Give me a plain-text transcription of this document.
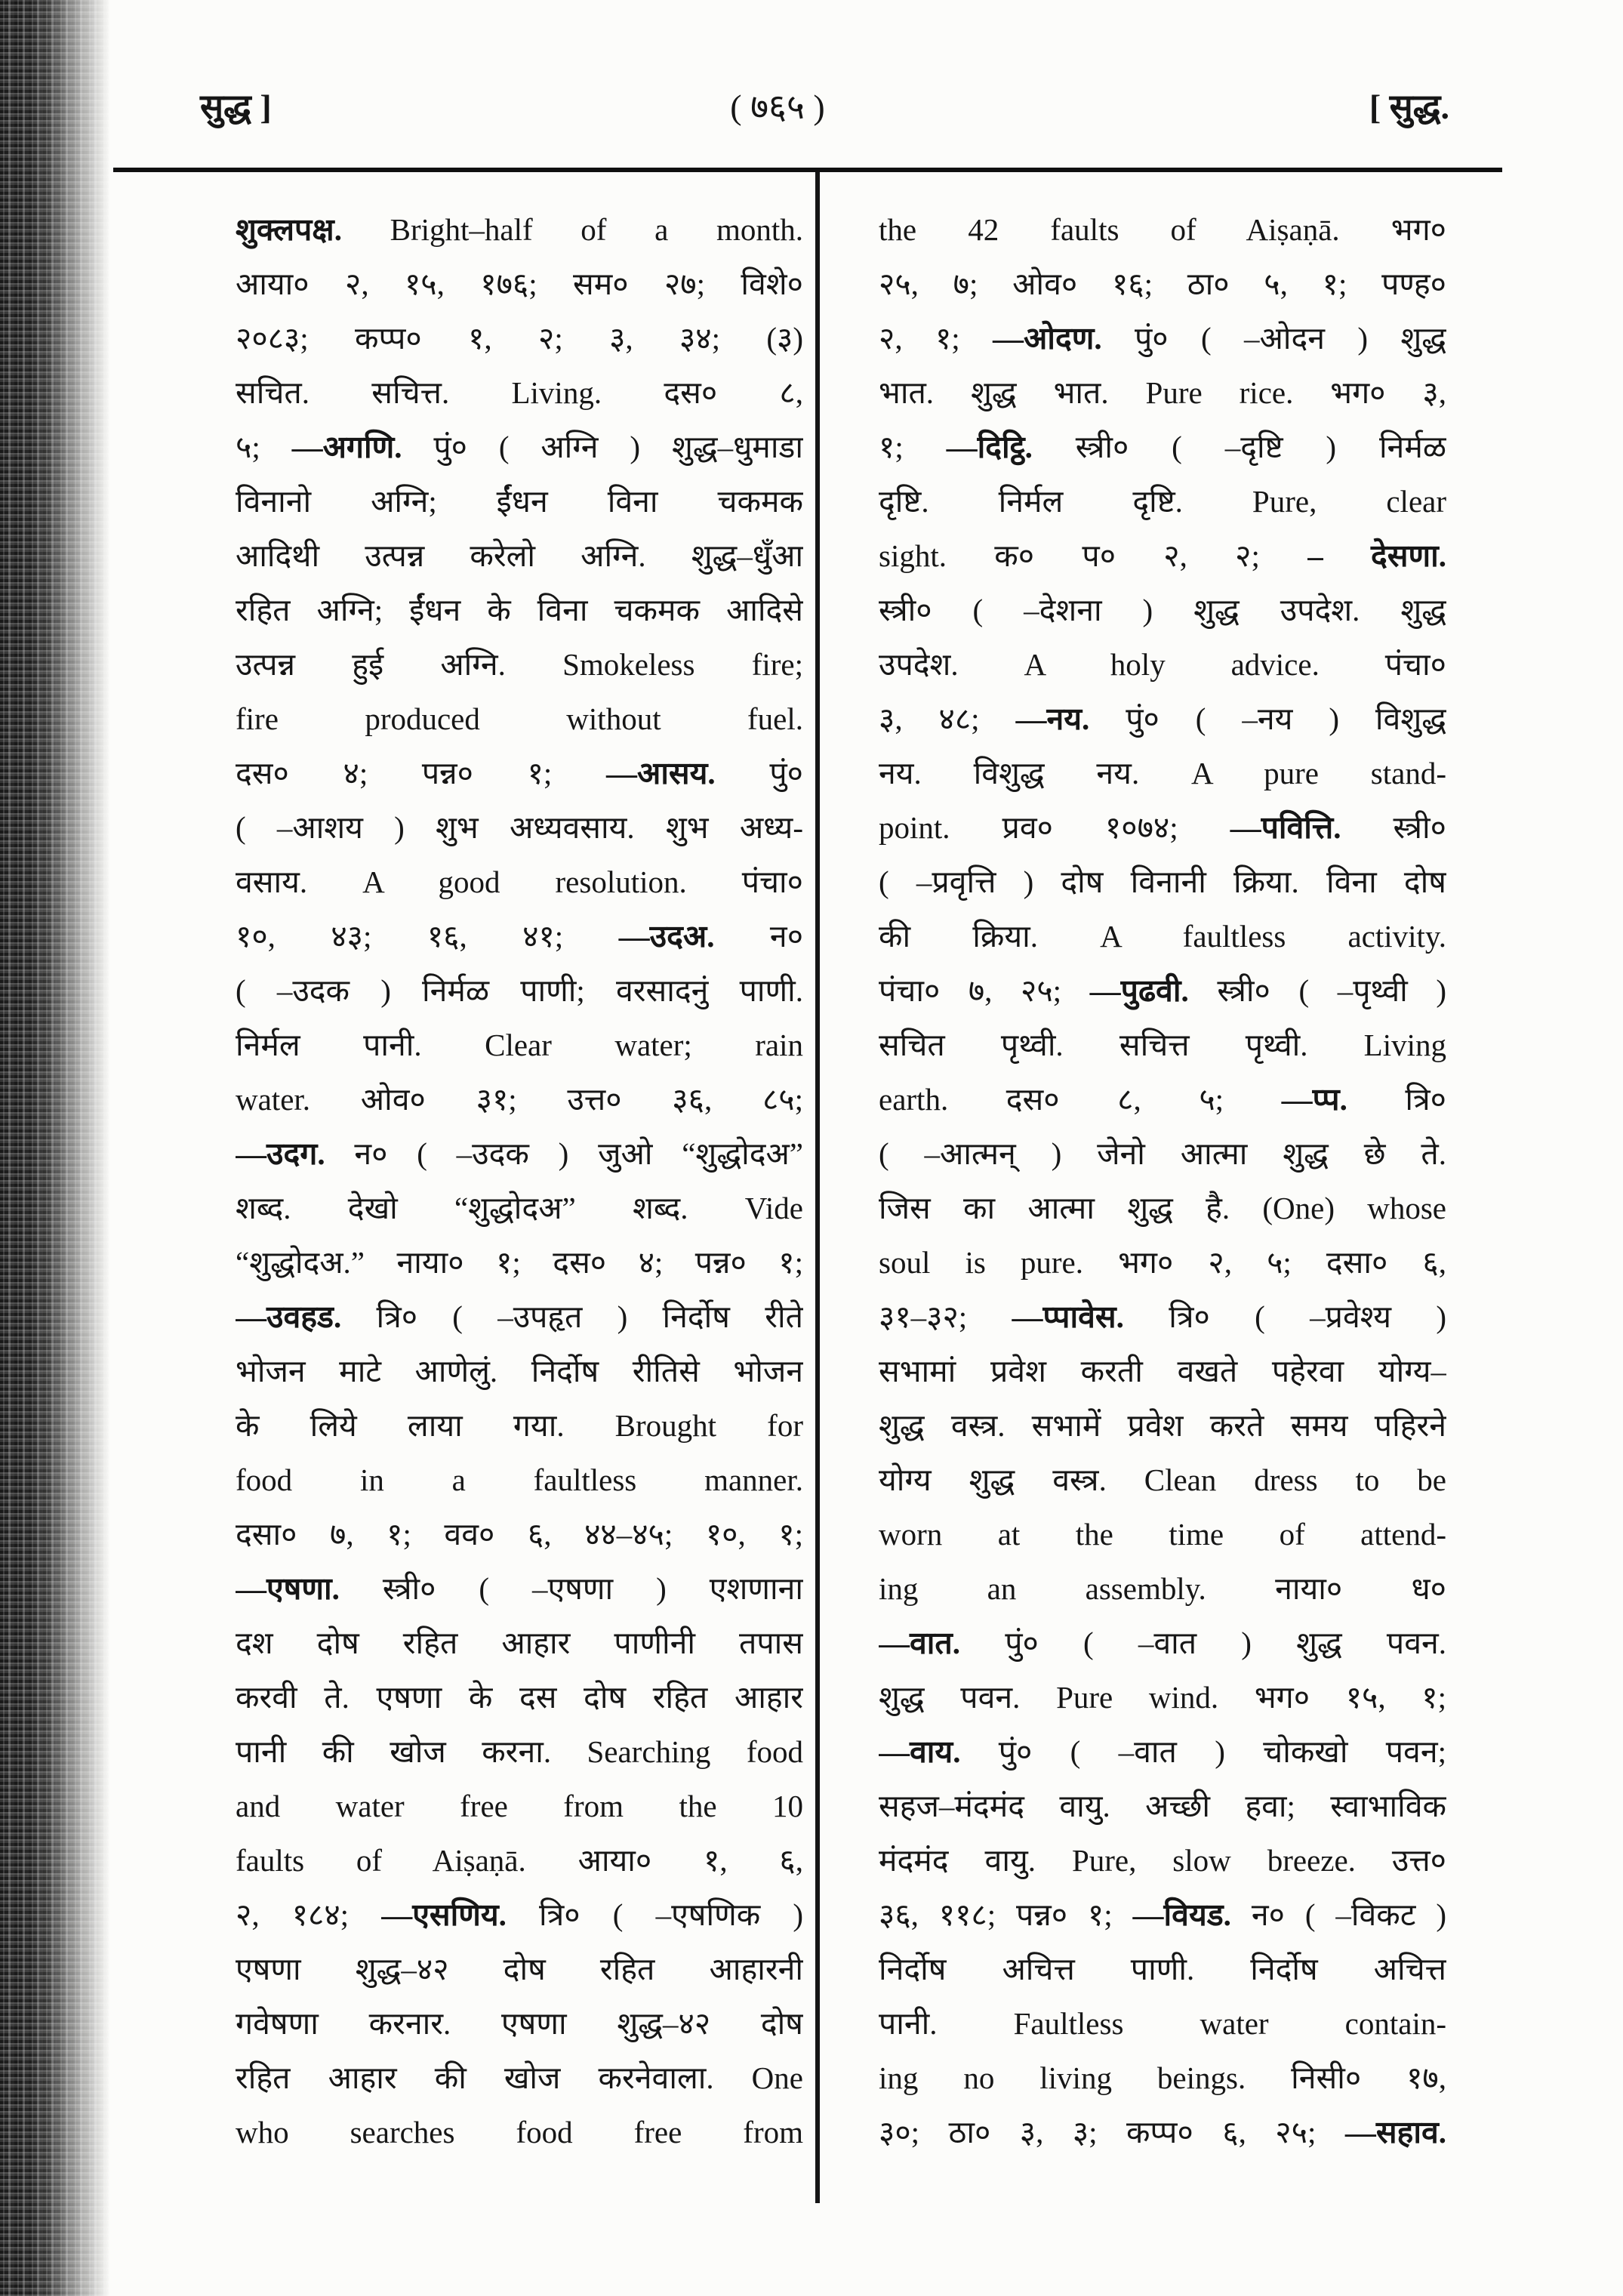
सुद्ध ]	( ७६५ )	[ सुद्ध.
शुक्लपक्ष. Bright–half of a month.
आया० २, १५, १७६; सम० २७; विशे०
२०८३; कप्प० १, २; ३, ३४; (३)
सचित. सचित्त. Living. दस० ८,
५; —अगणि. पुं० ( अग्नि ) शुद्ध–धुमाडा
विनानो अग्नि; ईंधन विना चकमक
आदिथी उत्पन्न करेलो अग्नि. शुद्ध–धुँआ
रहित अग्नि; ईंधन के विना चकमक आदिसे
उत्पन्न हुई अग्नि. Smokeless fire;
fire produced without fuel.
दस० ४; पन्न० १; —आसय. पुं०
( –आशय ) शुभ अध्यवसाय. शुभ अध्य-
वसाय. A good resolution. पंचा०
१०, ४३; १६, ४१; —उदअ. न०
( –उदक ) निर्मळ पाणी; वरसादनुं पाणी.
निर्मल पानी. Clear water; rain
water. ओव० ३१; उत्त० ३६, ८५;
—उदग. न० ( –उदक ) जुओ “शुद्धोदअ”
शब्द. देखो “शुद्धोदअ” शब्द. Vide
“शुद्धोदअ.” नाया० १; दस० ४; पन्न० १;
—उवहड. त्रि० ( –उपहृत ) निर्दोष रीते
भोजन माटे आणेलुं. निर्दोष रीतिसे भोजन
के लिये लाया गया. Brought for
food in a faultless manner.
दसा० ७, १; वव० ६, ४४–४५; १०, १;
—एषणा. स्त्री० ( –एषणा ) एशणाना
दश दोष रहित आहार पाणीनी तपास
करवी ते. एषणा के दस दोष रहित आहार
पानी की खोज करना. Searching food
and water free from the 10
faults of Aiṣaṇā. आया० १, ६,
२, १८४; —एसणिय. त्रि० ( –एषणिक )
एषणा शुद्ध–४२ दोष रहित आहारनी
गवेषणा करनार. एषणा शुद्ध–४२ दोष
रहित आहार की खोज करनेवाला. One
who searches food free from
the 42 faults of Aiṣaṇā. भग०
२५, ७; ओव० १६; ठा० ५, १; पण्ह०
२, १; —ओदण. पुं० ( –ओदन ) शुद्ध
भात. शुद्ध भात. Pure rice. भग० ३,
१; —दिट्ठि. स्त्री० ( –दृष्टि ) निर्मळ
दृष्टि. निर्मल दृष्टि. Pure, clear
sight. क० प० २, २; – देसणा.
स्त्री० ( –देशना ) शुद्ध उपदेश. शुद्ध
उपदेश. A holy advice. पंचा०
३, ४८; —नय. पुं० ( –नय ) विशुद्ध
नय. विशुद्ध नय. A pure stand-
point. प्रव० १०७४; —पवित्ति. स्त्री०
( –प्रवृत्ति ) दोष विनानी क्रिया. विना दोष
की क्रिया. A faultless activity.
पंचा० ७, २५; —पुढवी. स्त्री० ( –पृथ्वी )
सचित पृथ्वी. सचित्त पृथ्वी. Living
earth. दस० ८, ५; —प्प. त्रि०
( –आत्मन् ) जेनो आत्मा शुद्ध छे ते.
जिस का आत्मा शुद्ध है. (One) whose
soul is pure. भग० २, ५; दसा० ६,
३१–३२; —प्पावेस. त्रि० ( –प्रवेश्य )
सभामां प्रवेश करती वखते पहेरवा योग्य–
शुद्ध वस्त्र. सभामें प्रवेश करते समय पहिरने
योग्य शुद्ध वस्त्र. Clean dress to be
worn at the time of attend-
ing an assembly. नाया० ध०
—वात. पुं० ( –वात ) शुद्ध पवन.
शुद्ध पवन. Pure wind. भग० १५, १;
—वाय. पुं० ( –वात ) चोकखो पवन;
सहज–मंदमंद वायु. अच्छी हवा; स्वाभाविक
मंदमंद वायु. Pure, slow breeze. उत्त०
३६, ११८; पन्न० १; —वियड. न० ( –विकट )
निर्दोष अचित्त पाणी. निर्दोष अचित्त
पानी. Faultless water contain-
ing no living beings. निसी० १७,
३०; ठा० ३, ३; कप्प० ६, २५; —सहाव.
